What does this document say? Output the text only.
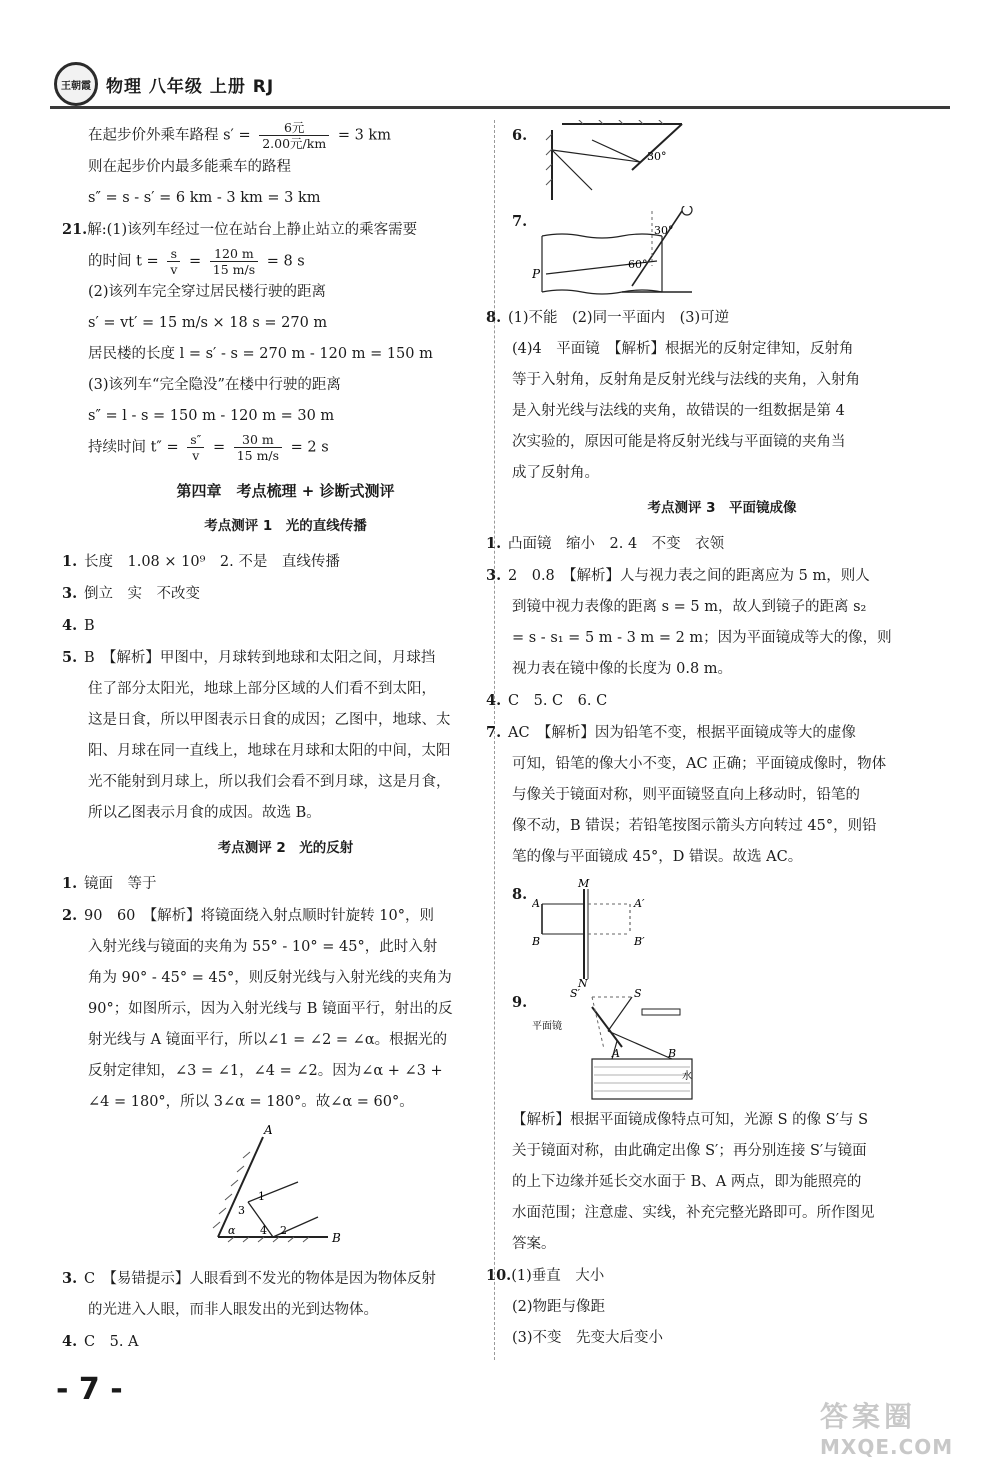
王朝霞 物理 八年级 上册 RJ
在起步价外乘车路程 $s' = \frac{\text{6元}}{\text{2.00元/km}} = 3$ km
则在起步价内最多能乘车的路程
s″ = s - s′ = 6 km - 3 km = 3 km
21.解:(1)该列车经过一位在站台上静止站立的乘客需要
的时间 $t = \frac{s}{v} = \frac{120 m}{15 m/s} = 8$ s
(2)该列车完全穿过居民楼行驶的距离
s′ = vt′ = 15 m/s × 18 s = 270 m
居民楼的长度 l = s′ - s = 270 m - 120 m = 150 m
(3)该列车“完全隐没”在楼中行驶的距离
s″ = l - s = 150 m - 120 m = 30 m
持续时间 $t'' = \frac{s''}{v} = \frac{30 m}{15 m/s} = 2$ s
第四章　考点梳理 + 诊断式测评
考点测评 1　光的直线传播
1. 长度　1.08 × 10⁹　2. 不是　直线传播
3. 倒立　实　不改变
4. B
5. B　【解析】甲图中，月球转到地球和太阳之间，月球挡
住了部分太阳光，地球上部分区域的人们看不到太阳，
这是日食，所以甲图表示日食的成因；乙图中，地球、太
阳、月球在同一直线上，地球在月球和太阳的中间，太阳
光不能射到月球上，所以我们会看不到月球，这是月食，
所以乙图表示月食的成因。故选 B。
考点测评 2　光的反射
1. 镜面　等于
2. 90　60　【解析】将镜面绕入射点顺时针旋转 10°，则
入射光线与镜面的夹角为 55° - 10° = 45°，此时入射
角为 90° - 45° = 45°，则反射光线与入射光线的夹角为
90°；如图所示，因为入射光线与 B 镜面平行，射出的反
射光线与 A 镜面平行，所以∠1 = ∠2 = ∠α。根据光的
反射定律知，∠3 = ∠1，∠4 = ∠2。因为∠α + ∠3 +
∠4 = 180°，所以 3∠α = 180°。故∠α = 60°。
A
B
1
2
3
4
α
3. C　【易错提示】人眼看到不发光的物体是因为物体反射
的光进入人眼，而非人眼发出的光到达物体。
4. C　5. A
6.
30°
7.
30°
60°
P
8. (1)不能　(2)同一平面内　(3)可逆
(4)4　平面镜　【解析】根据光的反射定律知，反射角
等于入射角，反射角是反射光线与法线的夹角，入射角
是入射光线与法线的夹角，故错误的一组数据是第 4
次实验的，原因可能是将反射光线与平面镜的夹角当
成了反射角。
考点测评 3　平面镜成像
1. 凸面镜　缩小　2. 4　不变　衣领
3. 2　0.8　【解析】人与视力表之间的距离应为 5 m，则人
到镜中视力表像的距离 s = 5 m，故人到镜子的距离 s₂
= s - s₁ = 5 m - 3 m = 2 m；因为平面镜成等大的像，则
视力表在镜中像的长度为 0.8 m。
4. C　5. C　6. C
7. AC　【解析】因为铅笔不变，根据平面镜成等大的虚像
可知，铅笔的像大小不变，AC 正确；平面镜成像时，物体
与像关于镜面对称，则平面镜竖直向上移动时，铅笔的
像不动，B 错误；若铅笔按图示箭头方向转过 45°，则铅
笔的像与平面镜成 45°，D 错误。故选 AC。
8.
M
N
A	A′
B	B′
9.
S′	S
平面镜
A	B
水
【解析】根据平面镜成像特点可知，光源 S 的像 S′与 S
关于镜面对称，由此确定出像 S′；再分别连接 S′与镜面
的上下边缘并延长交水面于 B、A 两点，即为能照亮的
水面范围；注意虚、实线，补充完整光路即可。所作图见
答案。
10.(1)垂直　大小
(2)物距与像距
(3)不变　先变大后变小
- 7 -
答案圈
MXQE.COM
